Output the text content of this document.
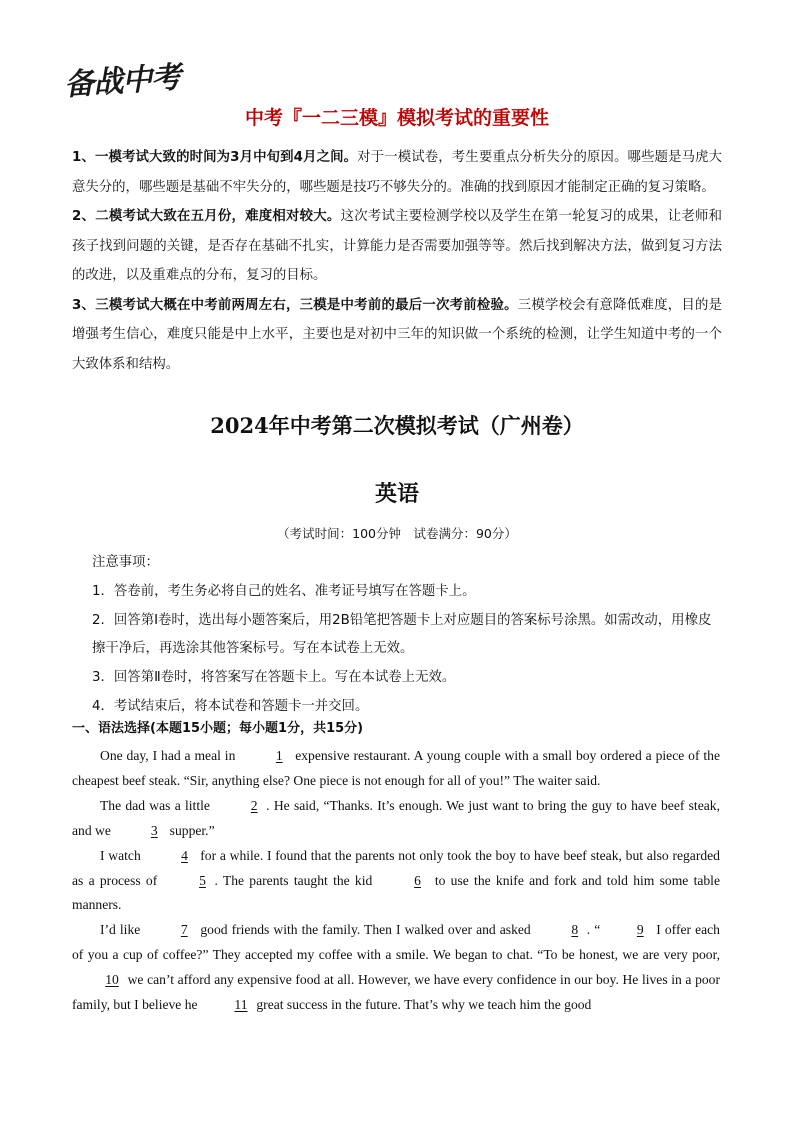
备战中考
中考『一二三模』模拟考试的重要性

1、一模考试大致的时间为3月中旬到4月之间。对于一模试卷，考生要重点分析失分的原因。哪些题是马虎大意失分的，哪些题是基础不牢失分的，哪些题是技巧不够失分的。准确的找到原因才能制定正确的复习策略。

2、二模考试大致在五月份，难度相对较大。这次考试主要检测学校以及学生在第一轮复习的成果，让老师和孩子找到问题的关键，是否存在基础不扎实，计算能力是否需要加强等等。然后找到解决方法，做到复习方法的改进，以及重难点的分布，复习的目标。

3、三模考试大概在中考前两周左右，三模是中考前的最后一次考前检验。三模学校会有意降低难度，目的是增强考生信心，难度只能是中上水平，主要也是对初中三年的知识做一个系统的检测，让学生知道中考的一个大致体系和结构。

2024年中考第二次模拟考试（广州卷）
英语
（考试时间：100分钟　试卷满分：90分）

注意事项：

1．答卷前，考生务必将自己的姓名、准考证号填写在答题卡上。

2．回答第Ⅰ卷时，选出每小题答案后，用2B铅笔把答题卡上对应题目的答案标号涂黑。如需改动，用橡皮擦干净后，再选涂其他答案标号。写在本试卷上无效。

3．回答第Ⅱ卷时，将答案写在答题卡上。写在本试卷上无效。

4．考试结束后，将本试卷和答题卡一并交回。

一、语法选择(本题15小题；每小题1分，共15分)

One day, I had a meal in	1 expensive restaurant. A young couple with a small boy ordered a piece of the cheapest beef steak. “Sir, anything else? One piece is not enough for all of you!” The waiter said.

The dad was a little	2 . He said, “Thanks. It’s enough. We just want to bring the guy to have beef steak, and we	3 supper.”

I watch	4 for a while. I found that the parents not only took the boy to have beef steak, but also regarded as a process of	5 . The parents taught the kid	6 to use the knife and fork and told him some table manners.

I’d like	7 good friends with the family. Then I walked over and asked	8 . “	9 I offer each of you a cup of coffee?” They accepted my coffee with a smile. We began to chat. “To be honest, we are very poor, 10 we can’t afford any expensive food at all. However, we have every confidence in our boy. He lives in a poor family, but I believe he 11 great success in the future. That’s why we teach him the good
